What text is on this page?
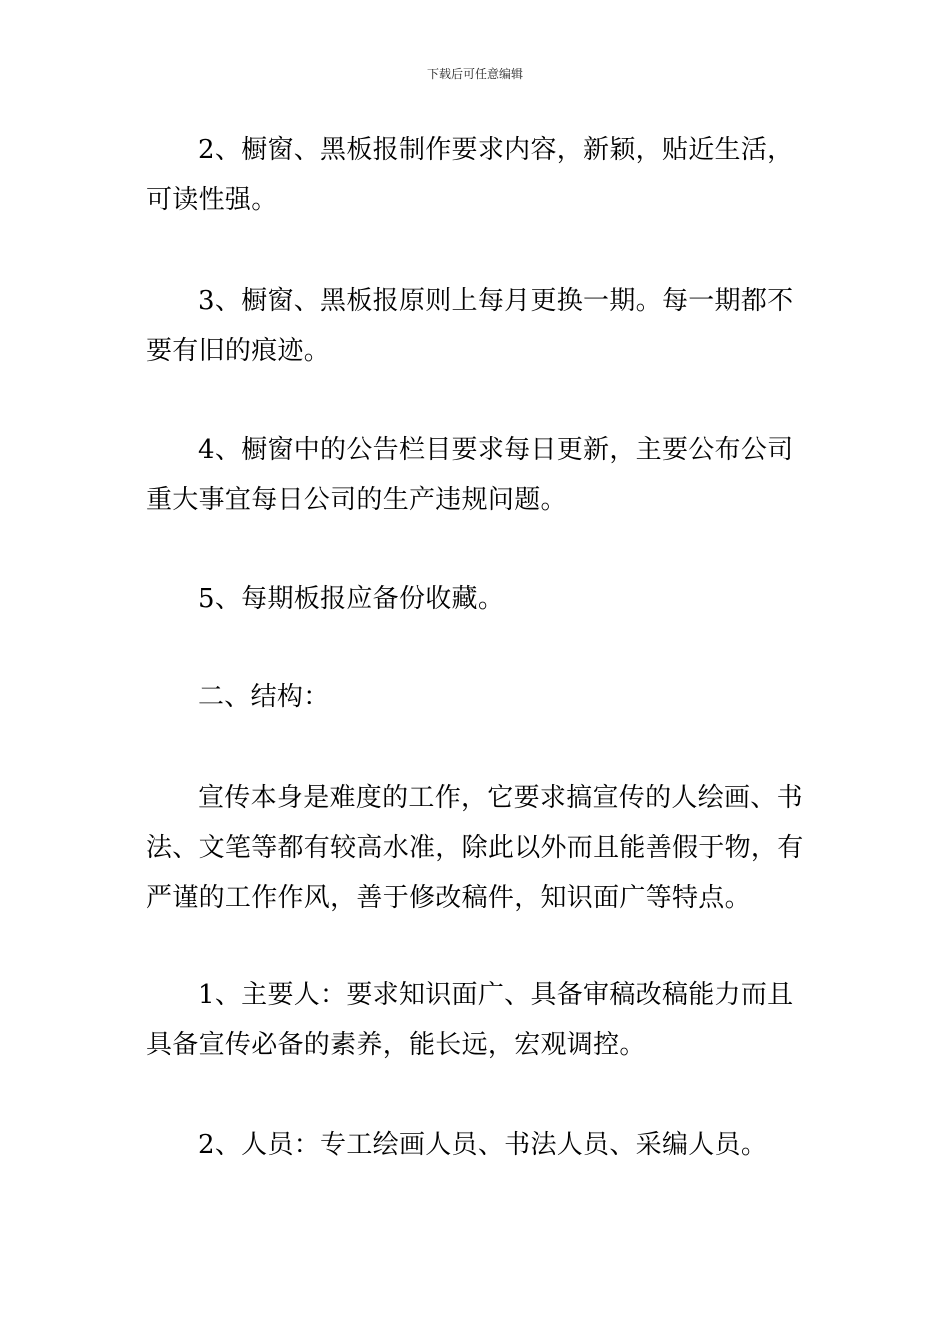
下载后可任意编辑

2、橱窗、黑板报制作要求内容，新颖，贴近生活，可读性强。

3、橱窗、黑板报原则上每月更换一期。每一期都不要有旧的痕迹。

4、橱窗中的公告栏目要求每日更新，主要公布公司重大事宜每日公司的生产违规问题。

5、每期板报应备份收藏。

二、结构：

宣传本身是难度的工作，它要求搞宣传的人绘画、书法、文笔等都有较高水准，除此以外而且能善假于物，有严谨的工作作风，善于修改稿件，知识面广等特点。

1、主要人：要求知识面广、具备审稿改稿能力而且具备宣传必备的素养，能长远，宏观调控。

2、人员：专工绘画人员、书法人员、采编人员。
